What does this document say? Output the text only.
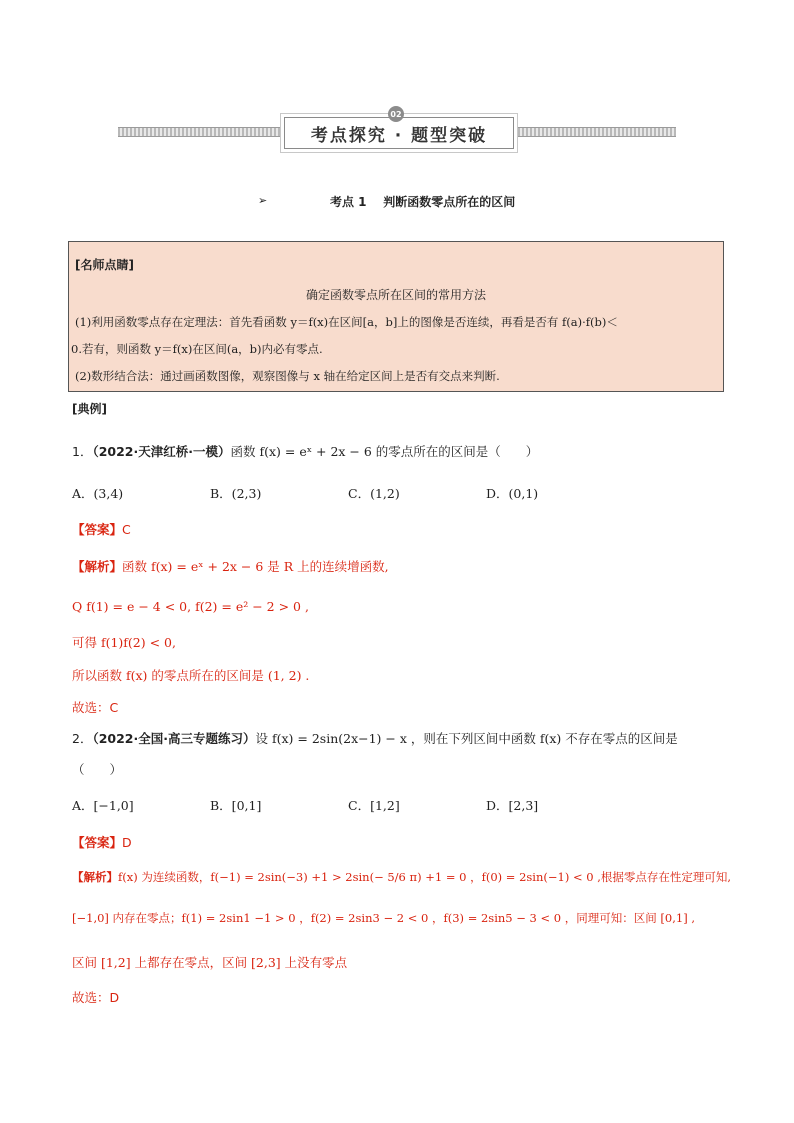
考点探究 · 题型突破
02
➢	考点 1    判断函数零点所在的区间
[名师点睛]
确定函数零点所在区间的常用方法
(1)利用函数零点存在定理法：首先看函数 y＝f(x)在区间[a，b]上的图像是否连续，再看是否有 f(a)·f(b)＜
0.若有，则函数 y＝f(x)在区间(a，b)内必有零点.
(2)数形结合法：通过画函数图像，观察图像与 x 轴在给定区间上是否有交点来判断.
[典例]
1．（2022·天津红桥·一模）函数 f(x) = eˣ + 2x − 6 的零点所在的区间是（　　）
A．(3,4)	B．(2,3)	C．(1,2)	D．(0,1)
【答案】C
【解析】函数 f(x) = eˣ + 2x − 6 是 R 上的连续增函数,
Q f(1) = e − 4 < 0, f(2) = e² − 2 > 0 ,
可得 f(1)f(2) < 0,
所以函数 f(x) 的零点所在的区间是 (1, 2) .
故选：C
2．（2022·全国·高三专题练习）设 f(x) = 2sin(2x−1) − x ，则在下列区间中函数 f(x) 不存在零点的区间是
（　　）
A．[−1,0]	B．[0,1]	C．[1,2]	D．[2,3]
【答案】D
【解析】f(x) 为连续函数，f(−1) = 2sin(−3) +1 > 2sin(− 5/6 π) +1 = 0 ，f(0) = 2sin(−1) < 0 ,根据零点存在性定理可知,
[−1,0] 内存在零点；f(1) = 2sin1 −1 > 0 ，f(2) = 2sin3 − 2 < 0 ，f(3) = 2sin5 − 3 < 0 ，同理可知：区间 [0,1] ,
区间 [1,2] 上都存在零点，区间 [2,3] 上没有零点
故选：D
